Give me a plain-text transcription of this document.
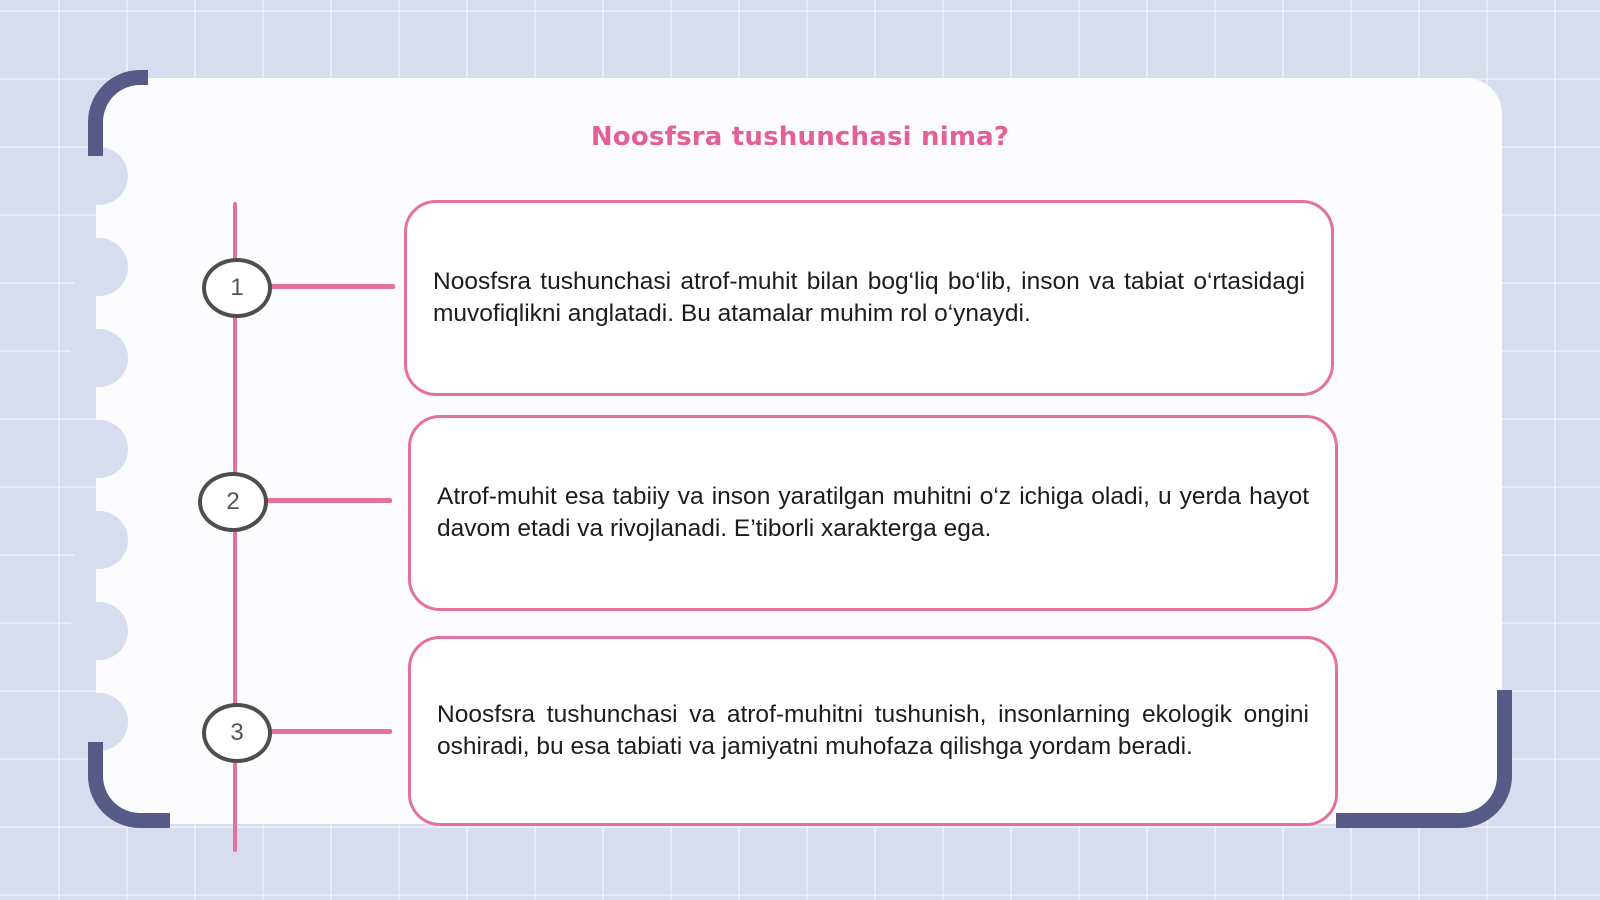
Noosfsra tushunchasi nima?
1	Noosfsra tushunchasi atrof-muhit bilan bog‘liq bo‘lib, inson va tabiat o‘rtasidagi muvofiqlikni anglatadi. Bu atamalar muhim rol o‘ynaydi.

2	Atrof-muhit esa tabiiy va inson yaratilgan muhitni o‘z ichiga oladi, u yerda hayot davom etadi va rivojlanadi. E’tiborli xarakterga ega.

3

Noosfsra tushunchasi va atrof-muhitni tushunish, insonlarning ekologik ongini oshiradi, bu esa tabiati va jamiyatni muhofaza qilishga yordam beradi.
